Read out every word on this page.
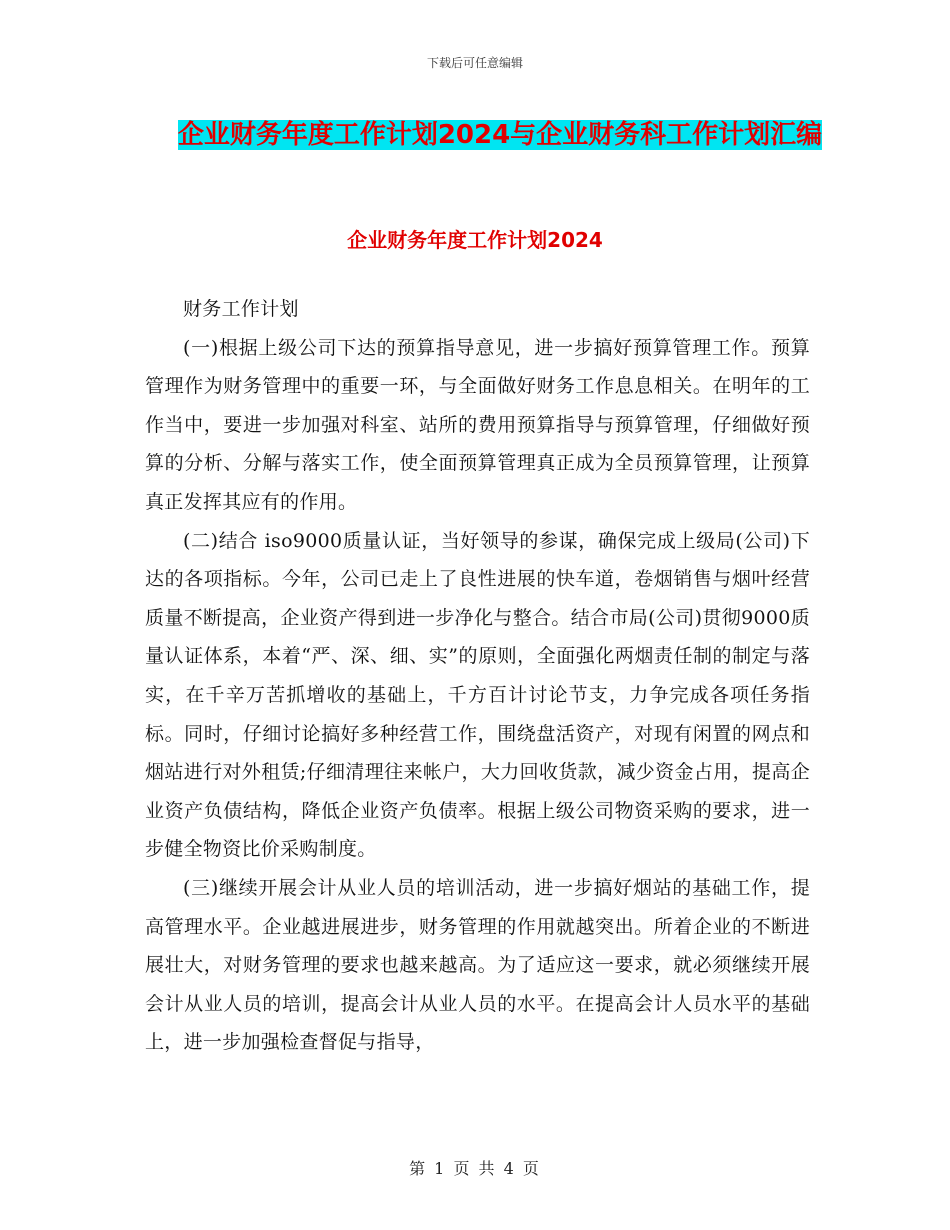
下载后可任意编辑
企业财务年度工作计划2024与企业财务科工作计划汇编
企业财务年度工作计划2024

财务工作计划

(一)根据上级公司下达的预算指导意见，进一步搞好预算管理工作。预算管理作为财务管理中的重要一环，与全面做好财务工作息息相关。在明年的工作当中，要进一步加强对科室、站所的费用预算指导与预算管理，仔细做好预算的分析、分解与落实工作，使全面预算管理真正成为全员预算管理，让预算真正发挥其应有的作用。

(二)结合 iso9000质量认证，当好领导的参谋，确保完成上级局(公司)下达的各项指标。今年，公司已走上了良性进展的快车道，卷烟销售与烟叶经营质量不断提高，企业资产得到进一步净化与整合。结合市局(公司)贯彻9000质量认证体系，本着“严、深、细、实”的原则，全面强化两烟责任制的制定与落实，在千辛万苦抓增收的基础上，千方百计讨论节支，力争完成各项任务指标。同时，仔细讨论搞好多种经营工作，围绕盘活资产，对现有闲置的网点和烟站进行对外租赁;仔细清理往来帐户，大力回收货款，减少资金占用，提高企业资产负债结构，降低企业资产负债率。根据上级公司物资采购的要求，进一步健全物资比价采购制度。

(三)继续开展会计从业人员的培训活动，进一步搞好烟站的基础工作，提高管理水平。企业越进展进步，财务管理的作用就越突出。所着企业的不断进展壮大，对财务管理的要求也越来越高。为了适应这一要求，就必须继续开展会计从业人员的培训，提高会计从业人员的水平。在提高会计人员水平的基础上，进一步加强检查督促与指导，

第 1 页 共 4 页
